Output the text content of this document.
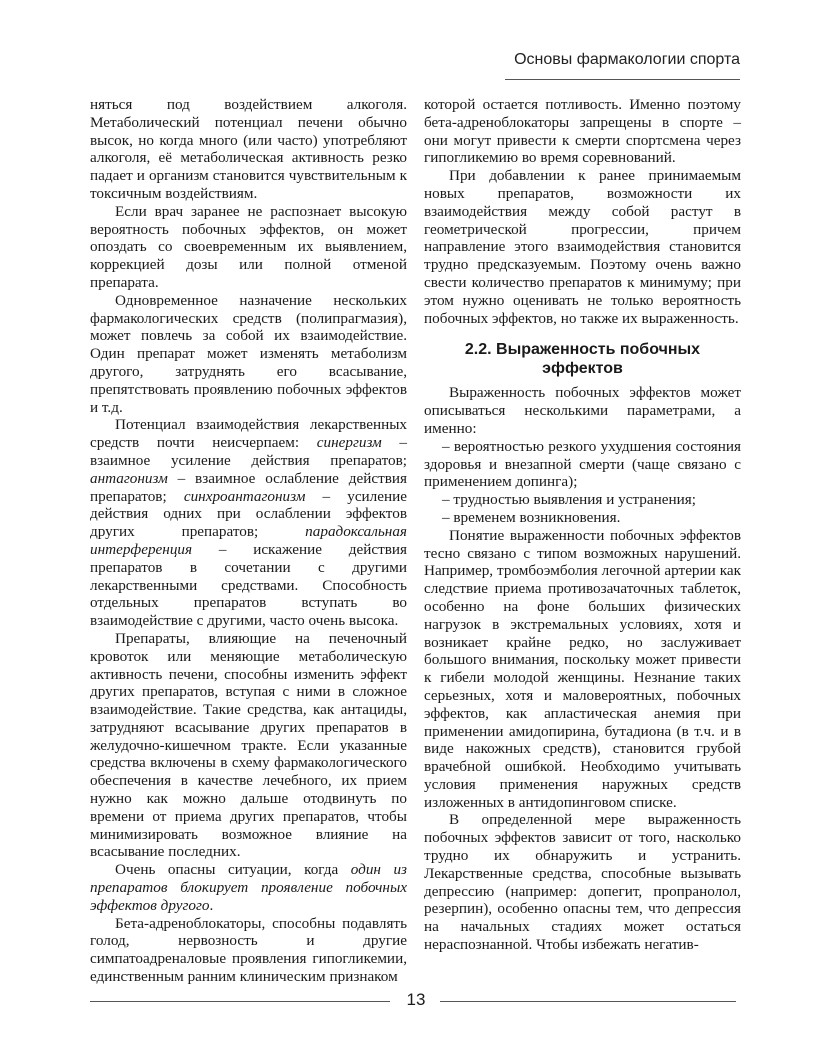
Основы фармакологии спорта

няться под воздействием алкоголя. Метаболический потенциал печени обычно высок, но когда много (или часто) употребляют алкоголя, её метаболическая активность резко падает и организм становится чувствительным к токсичным воздействиям.

Если врач заранее не распознает высокую вероятность побочных эффектов, он может опоздать со своевременным их выявлением, коррекцией дозы или полной отменой препарата.

Одновременное назначение нескольких фармакологических средств (полипрагмазия), может повлечь за собой их взаимодействие. Один препарат может изменять метаболизм другого, затруднять его всасывание, препятствовать проявлению побочных эффектов и т.д.

Потенциал взаимодействия лекарственных средств почти неисчерпаем: синергизм – взаимное усиление действия препаратов; антагонизм – взаимное ослабление действия препаратов; синхроантагонизм – усиление действия одних при ослаблении эффектов других препаратов; парадоксальная интерференция – искажение действия препаратов в сочетании с другими лекарственными средствами. Способность отдельных препаратов вступать во взаимодействие с другими, часто очень высока.

Препараты, влияющие на печеночный кровоток или меняющие метаболическую активность печени, способны изменить эффект других препаратов, вступая с ними в сложное взаимодействие. Такие средства, как антациды, затрудняют всасывание других препаратов в желудочно-кишечном тракте. Если указанные средства включены в схему фармакологического обеспечения в качестве лечебного, их прием нужно как можно дальше отодвинуть по времени от приема других препаратов, чтобы минимизировать возможное влияние на всасывание последних.

Очень опасны ситуации, когда один из препаратов блокирует проявление побочных эффектов другого.

Бета-адреноблокаторы, способны подавлять голод, нервозность и другие симпатоадреналовые проявления гипогликемии, единственным ранним клиническим признаком

которой остается потливость. Именно поэтому бета-адреноблокаторы запрещены в спорте – они могут привести к смерти спортсмена через гипогликемию во время соревнований.

При добавлении к ранее принимаемым новых препаратов, возможности их взаимодействия между собой растут в геометрической прогрессии, причем направление этого взаимодействия становится трудно предсказуемым. Поэтому очень важно свести количество препаратов к минимуму; при этом нужно оценивать не только вероятность побочных эффектов, но также их выраженность.

2.2. Выраженность побочных
эффектов

Выраженность побочных эффектов может описываться несколькими параметрами, а именно:

– вероятностью резкого ухудшения состояния здоровья и внезапной смерти (чаще связано с применением допинга);

– трудностью выявления и устранения;

– временем возникновения.

Понятие выраженности побочных эффектов тесно связано с типом возможных нарушений. Например, тромбоэмболия легочной артерии как следствие приема противозачаточных таблеток, особенно на фоне больших физических нагрузок в экстремальных условиях, хотя и возникает крайне редко, но заслуживает большого внимания, поскольку может привести к гибели молодой женщины. Незнание таких серьезных, хотя и маловероятных, побочных эффектов, как апластическая анемия при применении амидопирина, бутадиона (в т.ч. и в виде накожных средств), становится грубой врачебной ошибкой. Необходимо учитывать условия применения наружных средств изложенных в антидопинговом списке.

В определенной мере выраженность побочных эффектов зависит от того, насколько трудно их обнаружить и устранить. Лекарственные средства, способные вызывать депрессию (например: допегит, пропранолол, резерпин), особенно опасны тем, что депрессия на начальных стадиях может остаться нераспознанной. Чтобы избежать негатив-

13
